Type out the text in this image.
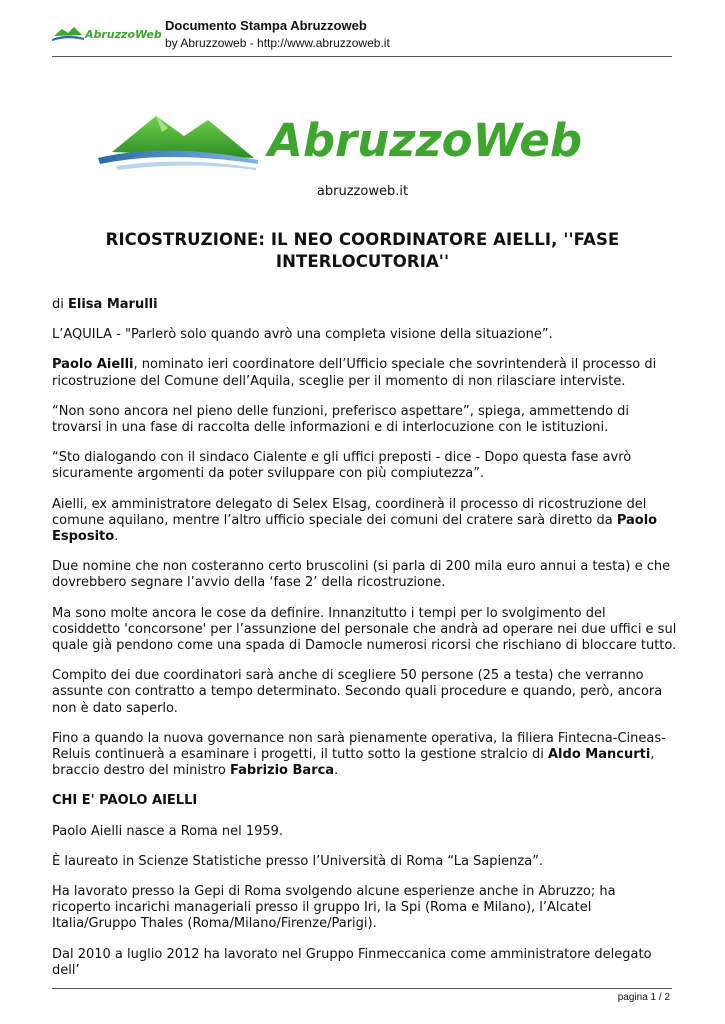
AbruzzoWeb
Documento Stampa Abruzzoweb
by Abruzzoweb - http://www.abruzzoweb.it
AbruzzoWeb
abruzzoweb.it
RICOSTRUZIONE: IL NEO COORDINATORE AIELLI, ''FASE INTERLOCUTORIA''

di Elisa Marulli

L’AQUILA - "Parlerò solo quando avrò una completa visione della situazione”.

Paolo Aielli, nominato ieri coordinatore dell’Ufficio speciale che sovrintenderà il processo di ricostruzione del Comune dell’Aquila, sceglie per il momento di non rilasciare interviste.

“Non sono ancora nel pieno delle funzioni, preferisco aspettare”, spiega, ammettendo di trovarsi in una fase di raccolta delle informazioni e di interlocuzione con le istituzioni.

“Sto dialogando con il sindaco Cialente e gli uffici preposti - dice - Dopo questa fase avrò sicuramente argomenti da poter sviluppare con più compiutezza”.

Aielli, ex amministratore delegato di Selex Elsag, coordinerà il processo di ricostruzione del comune aquilano, mentre l’altro ufficio speciale dei comuni del cratere sarà diretto da Paolo Esposito.

Due nomine che non costeranno certo bruscolini (si parla di 200 mila euro annui a testa) e che dovrebbero segnare l’avvio della ‘fase 2’ della ricostruzione.

Ma sono molte ancora le cose da definire. Innanzitutto i tempi per lo svolgimento del cosiddetto 'concorsone' per l’assunzione del personale che andrà ad operare nei due uffici e sul quale già pendono come una spada di Damocle numerosi ricorsi che rischiano di bloccare tutto.

Compito dei due coordinatori sarà anche di scegliere 50 persone (25 a testa) che verranno assunte con contratto a tempo determinato. Secondo quali procedure e quando, però, ancora non è dato saperlo.

Fino a quando la nuova governance non sarà pienamente operativa, la filiera Fintecna-Cineas-Reluis continuerà a esaminare i progetti, il tutto sotto la gestione stralcio di Aldo Mancurti, braccio destro del ministro Fabrizio Barca.

CHI E' PAOLO AIELLI

Paolo Aielli nasce a Roma nel 1959.

È laureato in Scienze Statistiche presso l’Università di Roma “La Sapienza”.

Ha lavorato presso la Gepi di Roma svolgendo alcune esperienze anche in Abruzzo; ha ricoperto incarichi manageriali presso il gruppo Iri, la Spi (Roma e Milano), l’Alcatel Italia/Gruppo Thales (Roma/Milano/Firenze/Parigi).

Dal 2010 a luglio 2012 ha lavorato nel Gruppo Finmeccanica come amministratore delegato dell’

pagina 1 / 2
